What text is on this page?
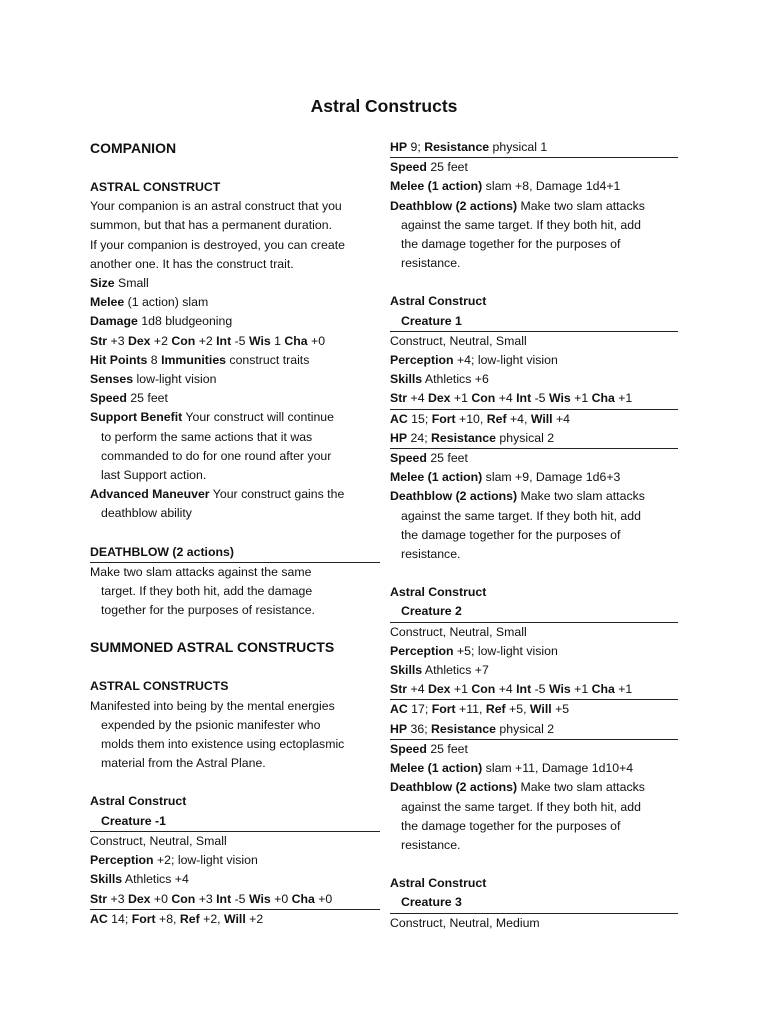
Astral Constructs
COMPANION
ASTRAL CONSTRUCT
Your companion is an astral construct that you
summon, but that has a permanent duration.
If your companion is destroyed, you can create
another one. It has the construct trait.
Size Small
Melee (1 action) slam
Damage 1d8 bludgeoning
Str +3 Dex +2 Con +2 Int -5 Wis 1 Cha +0
Hit Points 8 Immunities construct traits
Senses low-light vision
Speed 25 feet
Support Benefit Your construct will continue
to perform the same actions that it was
commanded to do for one round after your
last Support action.
Advanced Maneuver Your construct gains the
deathblow ability
DEATHBLOW (2 actions)
Make two slam attacks against the same
target. If they both hit, add the damage
together for the purposes of resistance.
SUMMONED ASTRAL CONSTRUCTS
ASTRAL CONSTRUCTS
Manifested into being by the mental energies
expended by the psionic manifester who
molds them into existence using ectoplasmic
material from the Astral Plane.
Astral Construct
Creature -1
Construct, Neutral, Small
Perception +2; low-light vision
Skills Athletics +4
Str +3 Dex +0 Con +3 Int -5 Wis +0 Cha +0
AC 14; Fort +8, Ref +2, Will +2
HP 9; Resistance physical 1
Speed 25 feet
Melee (1 action) slam +8, Damage 1d4+1
Deathblow (2 actions) Make two slam attacks
against the same target. If they both hit, add
the damage together for the purposes of
resistance.
Astral Construct
Creature 1
Construct, Neutral, Small
Perception +4; low-light vision
Skills Athletics +6
Str +4 Dex +1 Con +4 Int -5 Wis +1 Cha +1
AC 15; Fort +10, Ref +4, Will +4
HP 24; Resistance physical 2
Speed 25 feet
Melee (1 action) slam +9, Damage 1d6+3
Deathblow (2 actions) Make two slam attacks
against the same target. If they both hit, add
the damage together for the purposes of
resistance.
Astral Construct
Creature 2
Construct, Neutral, Small
Perception +5; low-light vision
Skills Athletics +7
Str +4 Dex +1 Con +4 Int -5 Wis +1 Cha +1
AC 17; Fort +11, Ref +5, Will +5
HP 36; Resistance physical 2
Speed 25 feet
Melee (1 action) slam +11, Damage 1d10+4
Deathblow (2 actions) Make two slam attacks
against the same target. If they both hit, add
the damage together for the purposes of
resistance.
Astral Construct
Creature 3
Construct, Neutral, Medium
